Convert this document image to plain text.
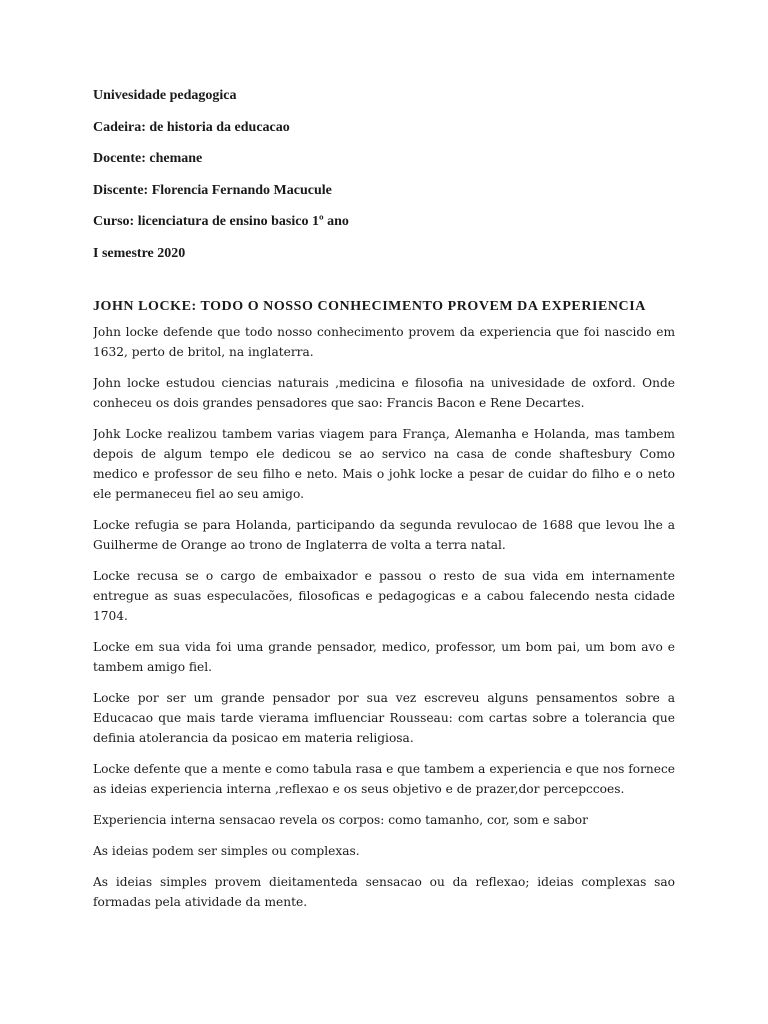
Univesidade pedagogica

Cadeira: de historia da educacao

Docente: chemane

Discente: Florencia Fernando Macucule

Curso: licenciatura de ensino basico 1º ano

I semestre 2020

JOHN LOCKE: TODO O NOSSO CONHECIMENTO PROVEM DA EXPERIENCIA

John locke defende que todo nosso conhecimento provem da experiencia que foi nascido em
1632, perto de britol, na inglaterra.

John locke estudou ciencias naturais ,medicina e filosofia na univesidade de oxford. Onde
conheceu os dois grandes pensadores que sao: Francis Bacon e Rene Decartes.

Johk Locke realizou tambem varias viagem para França, Alemanha e Holanda, mas tambem
depois de algum tempo ele dedicou se ao servico na casa de conde shaftesbury Como
medico e professor de seu filho e neto. Mais o johk locke a pesar de cuidar do filho e o neto
ele permaneceu fiel ao seu amigo.

Locke refugia se para Holanda, participando da segunda revulocao de 1688 que levou lhe a
Guilherme de Orange ao trono de Inglaterra de volta a terra natal.

Locke recusa se o cargo de embaixador e passou o resto de sua vida em internamente
entregue as suas especulacões, filosoficas e pedagogicas e a cabou falecendo nesta cidade
1704.

Locke em sua vida foi uma grande pensador, medico, professor, um bom pai, um bom avo e
tambem amigo fiel.

Locke por ser um grande pensador por sua vez escreveu alguns pensamentos sobre a
Educacao que mais tarde vierama imfluenciar Rousseau: com cartas sobre a tolerancia que
definia atolerancia da posicao em materia religiosa.

Locke defente que a mente e como tabula rasa e que tambem a experiencia e que nos fornece
as ideias experiencia interna ,reflexao e os seus objetivo e de prazer,dor percepccoes.

Experiencia interna sensacao revela os corpos: como tamanho, cor, som e sabor

As ideias podem ser simples ou complexas.

As ideias simples provem dieitamenteda sensacao ou da reflexao; ideias complexas sao
formadas pela atividade da mente.
